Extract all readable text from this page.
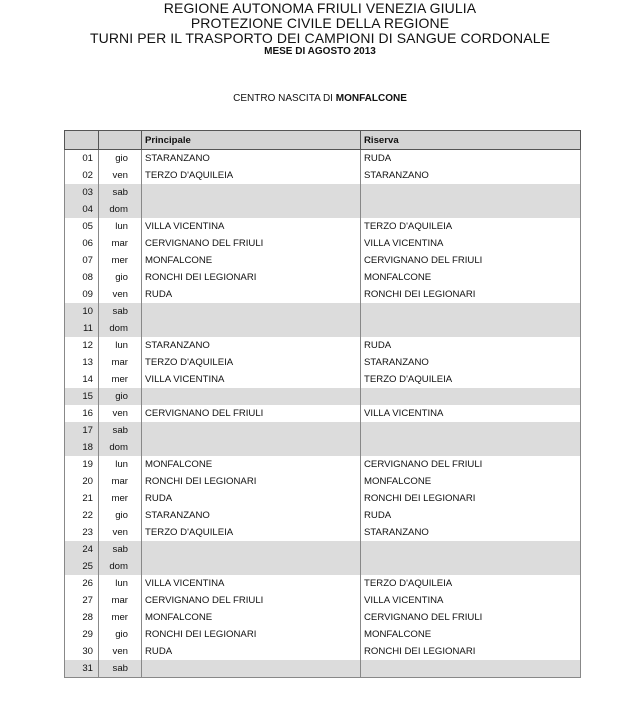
REGIONE AUTONOMA FRIULI VENEZIA GIULIA
PROTEZIONE CIVILE DELLA REGIONE
TURNI PER IL TRASPORTO DEI CAMPIONI DI SANGUE CORDONALE
MESE DI AGOSTO 2013
CENTRO NASCITA DI MONFALCONE
		Principale	Riserva
01	gio	STARANZANO	RUDA
02	ven	TERZO D'AQUILEIA	STARANZANO
03	sab		
04	dom		
05	lun	VILLA VICENTINA	TERZO D'AQUILEIA
06	mar	CERVIGNANO DEL FRIULI	VILLA VICENTINA
07	mer	MONFALCONE	CERVIGNANO DEL FRIULI
08	gio	RONCHI DEI LEGIONARI	MONFALCONE
09	ven	RUDA	RONCHI DEI LEGIONARI
10	sab		
11	dom		
12	lun	STARANZANO	RUDA
13	mar	TERZO D'AQUILEIA	STARANZANO
14	mer	VILLA VICENTINA	TERZO D'AQUILEIA
15	gio		
16	ven	CERVIGNANO DEL FRIULI	VILLA VICENTINA
17	sab		
18	dom		
19	lun	MONFALCONE	CERVIGNANO DEL FRIULI
20	mar	RONCHI DEI LEGIONARI	MONFALCONE
21	mer	RUDA	RONCHI DEI LEGIONARI
22	gio	STARANZANO	RUDA
23	ven	TERZO D'AQUILEIA	STARANZANO
24	sab		
25	dom		
26	lun	VILLA VICENTINA	TERZO D'AQUILEIA
27	mar	CERVIGNANO DEL FRIULI	VILLA VICENTINA
28	mer	MONFALCONE	CERVIGNANO DEL FRIULI
29	gio	RONCHI DEI LEGIONARI	MONFALCONE
30	ven	RUDA	RONCHI DEI LEGIONARI
31	sab		
